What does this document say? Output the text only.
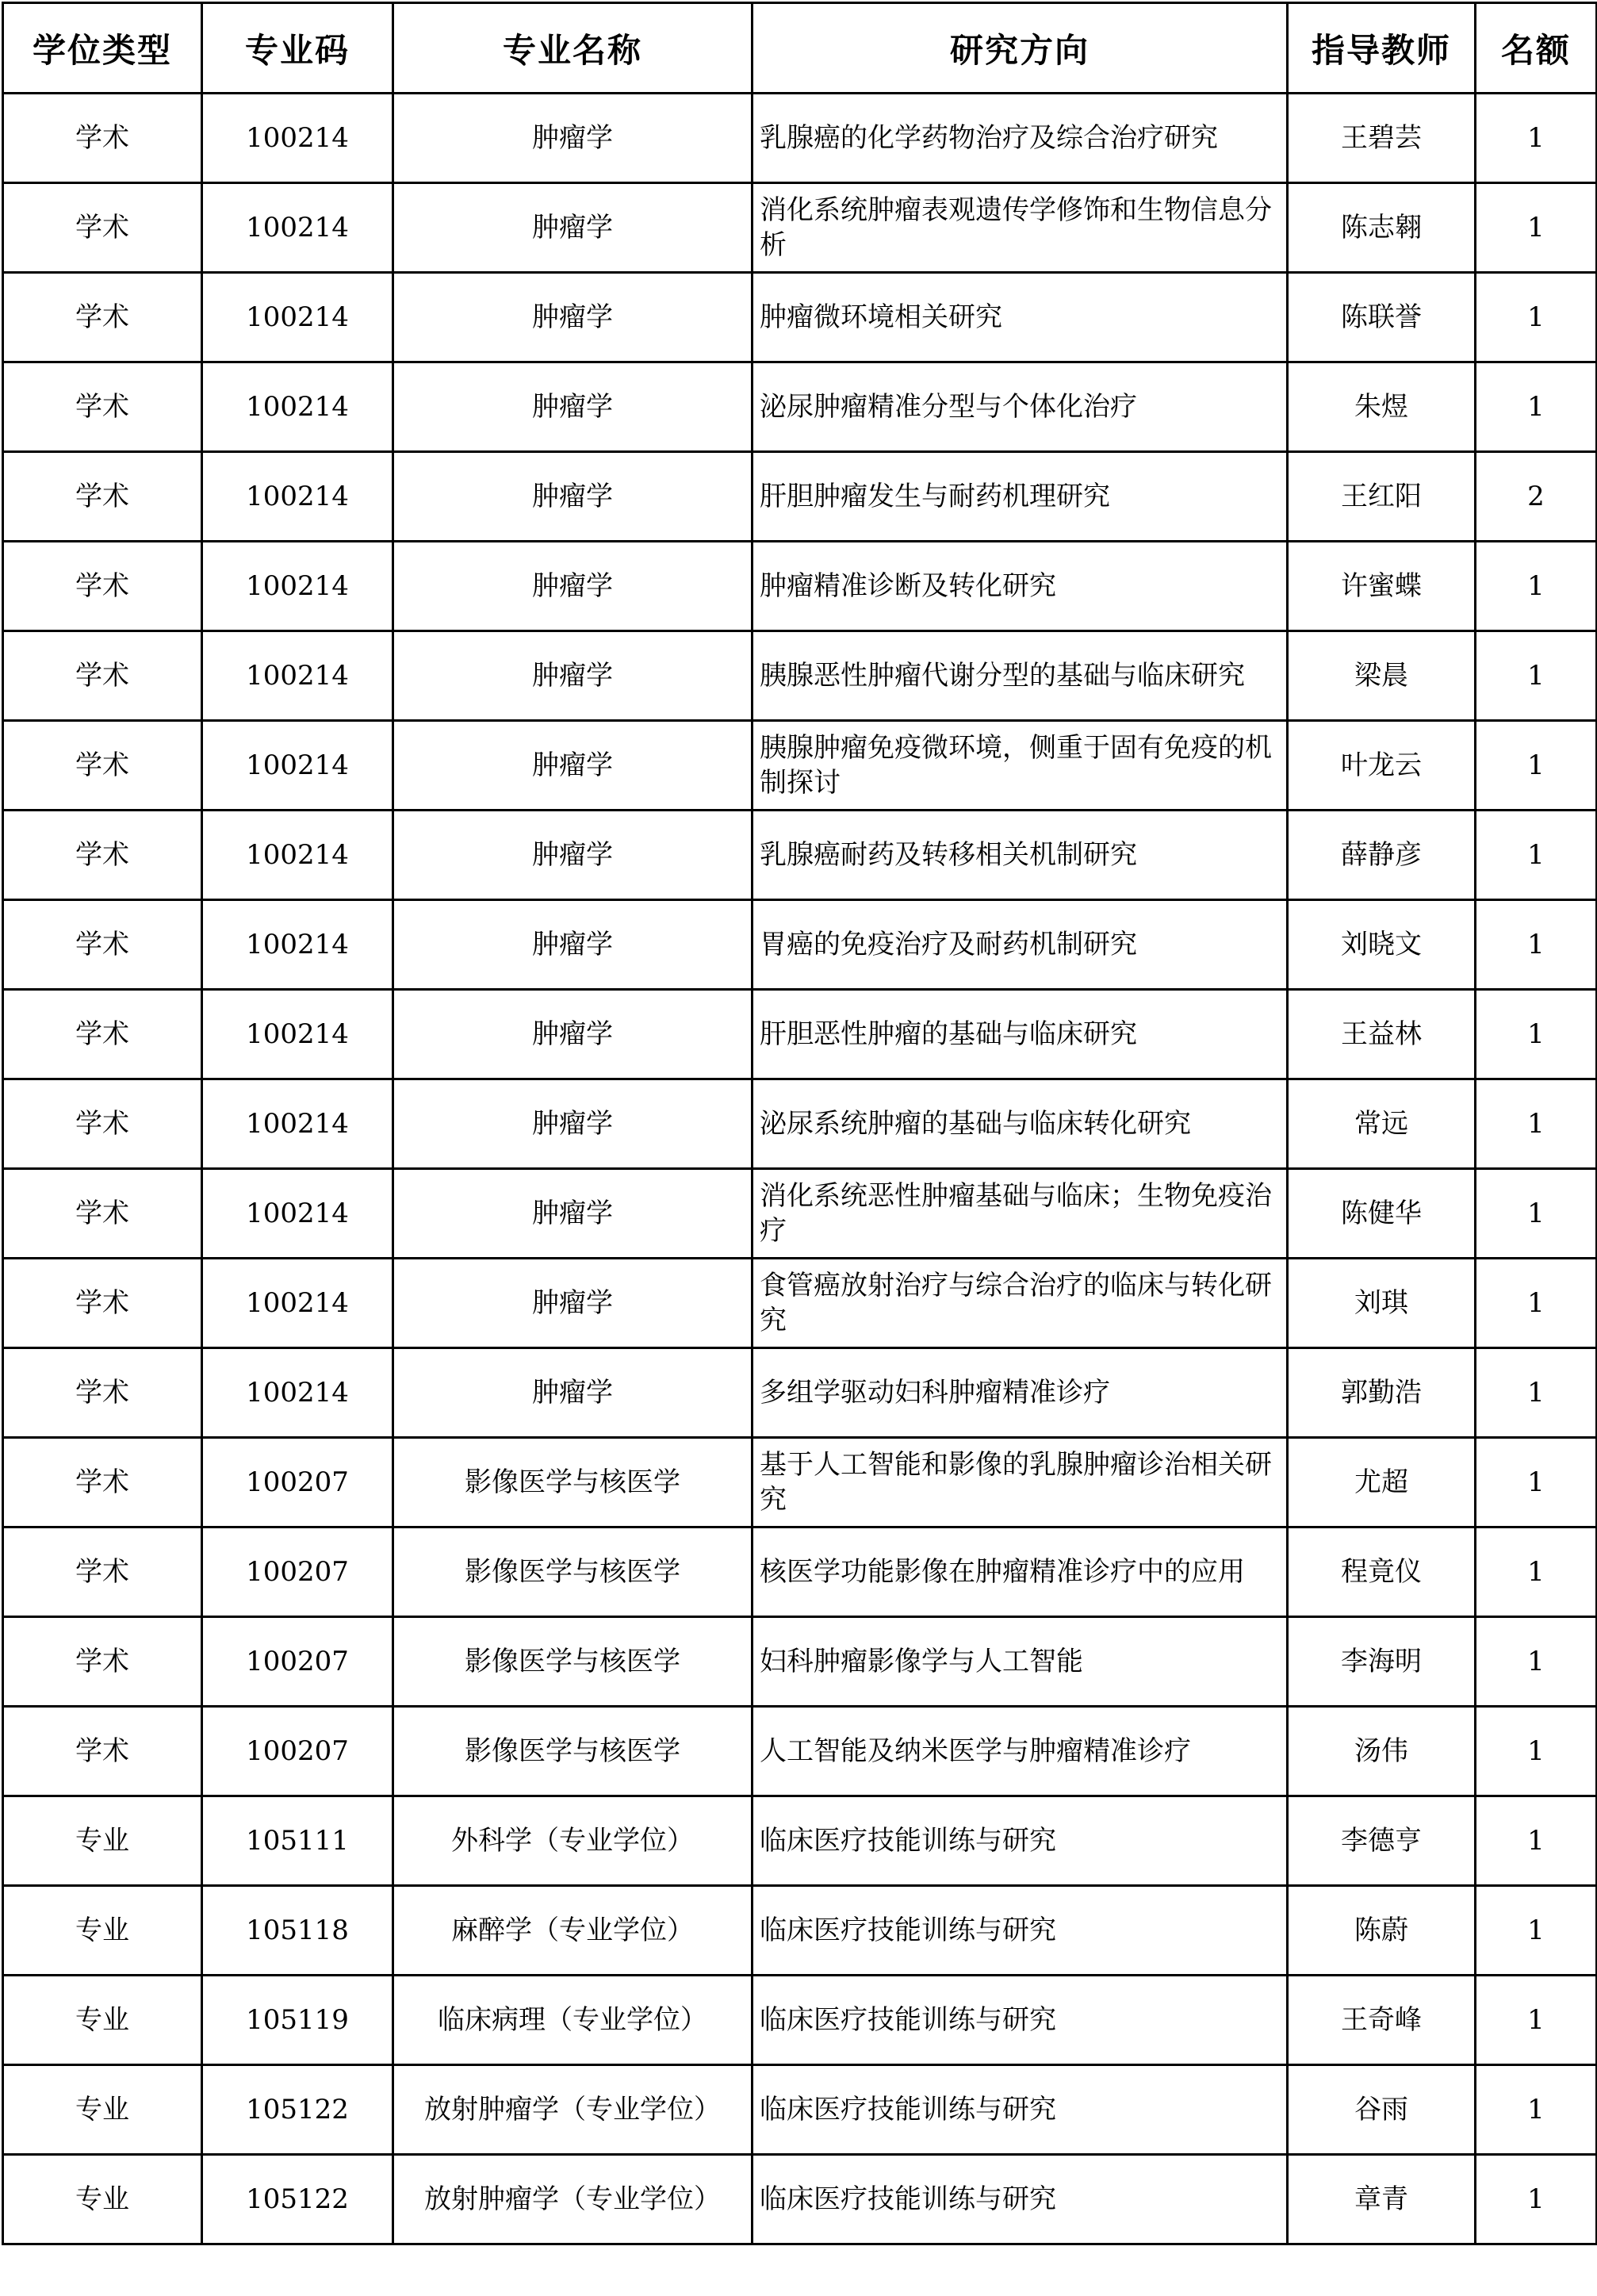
学位类型	专业码	专业名称	研究方向	指导教师	名额
学术	100214	肿瘤学	乳腺癌的化学药物治疗及综合治疗研究	王碧芸	1
学术	100214	肿瘤学	消化系统肿瘤表观遗传学修饰和生物信息分析	陈志翱	1
学术	100214	肿瘤学	肿瘤微环境相关研究	陈联誉	1
学术	100214	肿瘤学	泌尿肿瘤精准分型与个体化治疗	朱煜	1
学术	100214	肿瘤学	肝胆肿瘤发生与耐药机理研究	王红阳	2
学术	100214	肿瘤学	肿瘤精准诊断及转化研究	许蜜蝶	1
学术	100214	肿瘤学	胰腺恶性肿瘤代谢分型的基础与临床研究	梁晨	1
学术	100214	肿瘤学	胰腺肿瘤免疫微环境，侧重于固有免疫的机制探讨	叶龙云	1
学术	100214	肿瘤学	乳腺癌耐药及转移相关机制研究	薛静彦	1
学术	100214	肿瘤学	胃癌的免疫治疗及耐药机制研究	刘晓文	1
学术	100214	肿瘤学	肝胆恶性肿瘤的基础与临床研究	王益林	1
学术	100214	肿瘤学	泌尿系统肿瘤的基础与临床转化研究	常远	1
学术	100214	肿瘤学	消化系统恶性肿瘤基础与临床；生物免疫治疗	陈健华	1
学术	100214	肿瘤学	食管癌放射治疗与综合治疗的临床与转化研究	刘琪	1
学术	100214	肿瘤学	多组学驱动妇科肿瘤精准诊疗	郭勤浩	1
学术	100207	影像医学与核医学	基于人工智能和影像的乳腺肿瘤诊治相关研究	尤超	1
学术	100207	影像医学与核医学	核医学功能影像在肿瘤精准诊疗中的应用	程竟仪	1
学术	100207	影像医学与核医学	妇科肿瘤影像学与人工智能	李海明	1
学术	100207	影像医学与核医学	人工智能及纳米医学与肿瘤精准诊疗	汤伟	1
专业	105111	外科学（专业学位）	临床医疗技能训练与研究	李德亨	1
专业	105118	麻醉学（专业学位）	临床医疗技能训练与研究	陈蔚	1
专业	105119	临床病理（专业学位）	临床医疗技能训练与研究	王奇峰	1
专业	105122	放射肿瘤学（专业学位）	临床医疗技能训练与研究	谷雨	1
专业	105122	放射肿瘤学（专业学位）	临床医疗技能训练与研究	章青	1
